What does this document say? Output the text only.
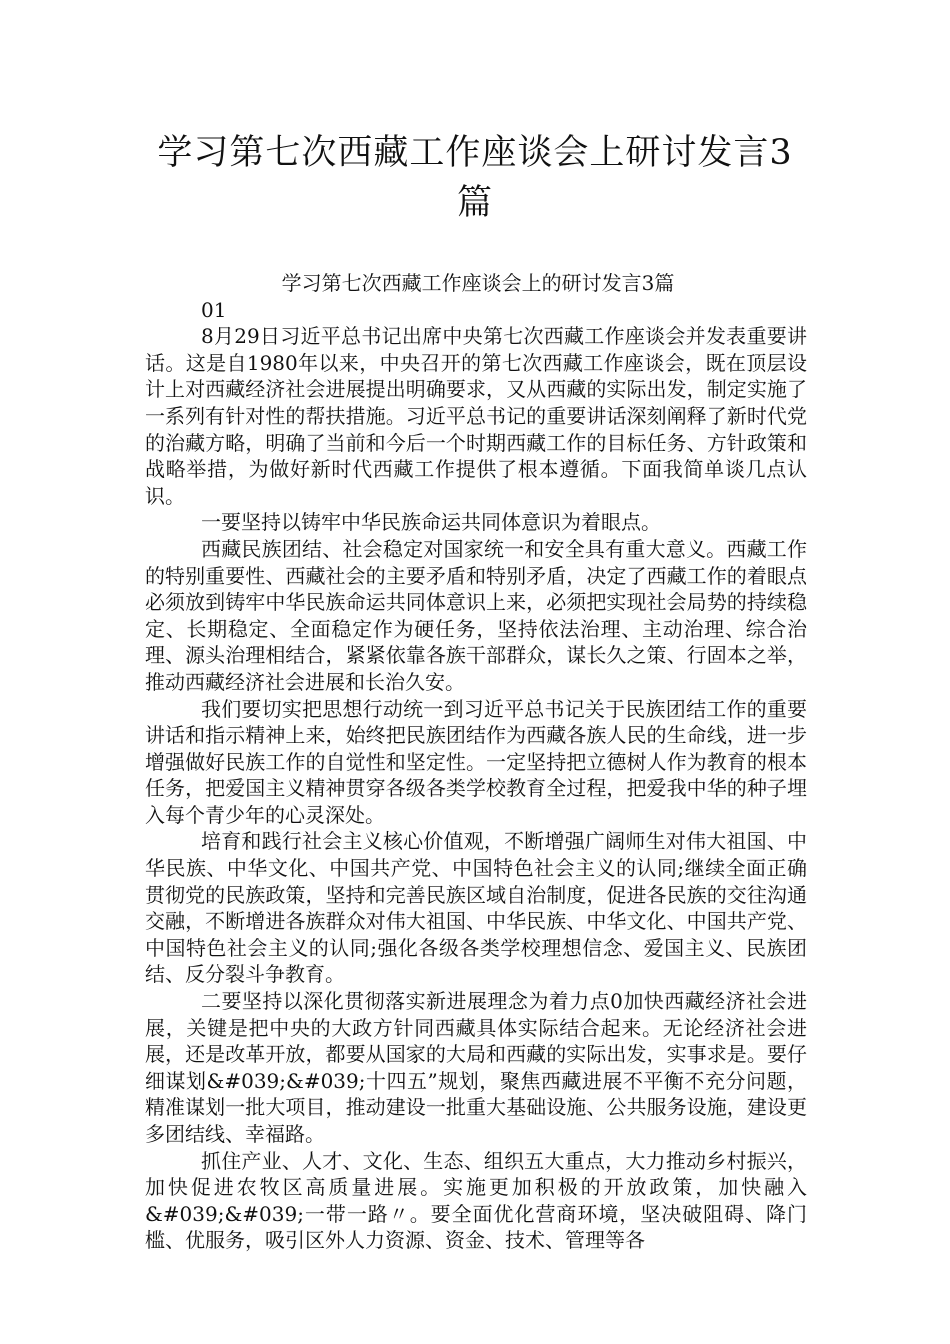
学习第七次西藏工作座谈会上研讨发言3篇
学习第七次西藏工作座谈会上的研讨发言3篇

01

8月29日习近平总书记出席中央第七次西藏工作座谈会并发表重要讲话。这是自1980年以来，中央召开的第七次西藏工作座谈会，既在顶层设计上对西藏经济社会进展提出明确要求，又从西藏的实际出发，制定实施了一系列有针对性的帮扶措施。习近平总书记的重要讲话深刻阐释了新时代党的治藏方略，明确了当前和今后一个时期西藏工作的目标任务、方针政策和战略举措，为做好新时代西藏工作提供了根本遵循。下面我简单谈几点认识。

一要坚持以铸牢中华民族命运共同体意识为着眼点。

西藏民族团结、社会稳定对国家统一和安全具有重大意义。西藏工作的特别重要性、西藏社会的主要矛盾和特别矛盾，决定了西藏工作的着眼点必须放到铸牢中华民族命运共同体意识上来，必须把实现社会局势的持续稳定、长期稳定、全面稳定作为硬任务，坚持依法治理、主动治理、综合治理、源头治理相结合，紧紧依靠各族干部群众，谋长久之策、行固本之举，推动西藏经济社会进展和长治久安。

我们要切实把思想行动统一到习近平总书记关于民族团结工作的重要讲话和指示精神上来，始终把民族团结作为西藏各族人民的生命线，进一步增强做好民族工作的自觉性和坚定性。一定坚持把立德树人作为教育的根本任务，把爱国主义精神贯穿各级各类学校教育全过程，把爱我中华的种子埋入每个青少年的心灵深处。

培育和践行社会主义核心价值观，不断增强广阔师生对伟大祖国、中华民族、中华文化、中国共产党、中国特色社会主义的认同;继续全面正确贯彻党的民族政策，坚持和完善民族区域自治制度，促进各民族的交往沟通交融，不断增进各族群众对伟大祖国、中华民族、中华文化、中国共产党、中国特色社会主义的认同;强化各级各类学校理想信念、爱国主义、民族团结、反分裂斗争教育。

二要坚持以深化贯彻落实新进展理念为着力点0加快西藏经济社会进展，关键是把中央的大政方针同西藏具体实际结合起来。无论经济社会进展，还是改革开放，都要从国家的大局和西藏的实际出发，实事求是。要仔细谋划&#039;&#039;十四五”规划，聚焦西藏进展不平衡不充分问题，精准谋划一批大项目，推动建设一批重大基础设施、公共服务设施，建设更多团结线、幸福路。

抓住产业、人才、文化、生态、组织五大重点，大力推动乡村振兴，加快促进农牧区高质量进展。实施更加积极的开放政策，加快融入&#039;&#039;一带一路〃。要全面优化营商环境，坚决破阻碍、降门槛、优服务，吸引区外人力资源、资金、技术、管理等各
